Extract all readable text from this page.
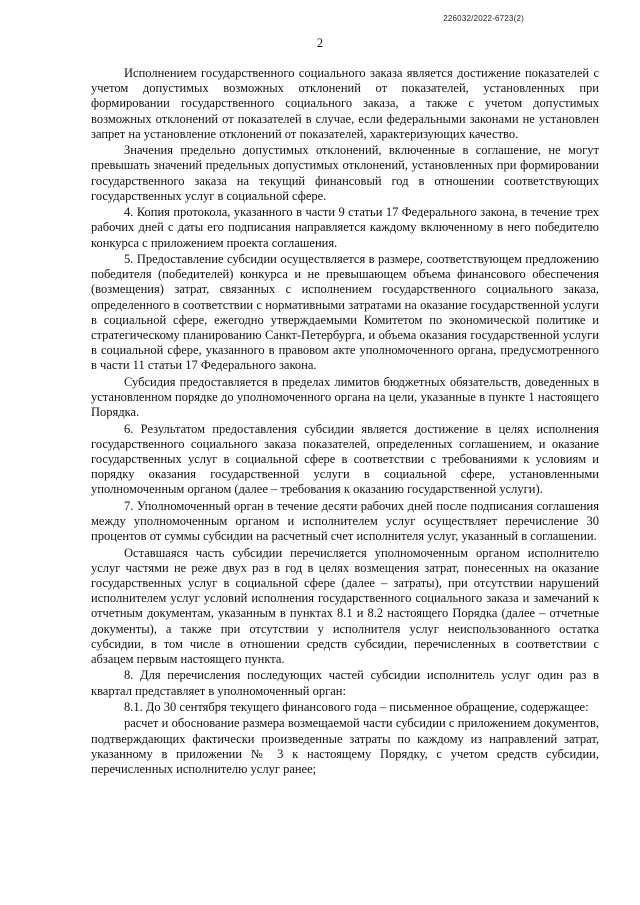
226032/2022-6723(2)
2

Исполнением государственного социального заказа является достижение показателей с учетом допустимых возможных отклонений от показателей, установленных при формировании государственного социального заказа, а также с учетом допустимых возможных отклонений от показателей в случае, если федеральными законами не установлен запрет на установление отклонений от показателей, характеризующих качество.

Значения предельно допустимых отклонений, включенные в соглашение, не могут превышать значений предельных допустимых отклонений, установленных при формировании государственного заказа на текущий финансовый год в отношении соответствующих государственных услуг в социальной сфере.

4. Копия протокола, указанного в части 9 статьи 17 Федерального закона, в течение трех рабочих дней с даты его подписания направляется каждому включенному в него победителю конкурса с приложением проекта соглашения.

5. Предоставление субсидии осуществляется в размере, соответствующем предложению победителя (победителей) конкурса и не превышающем объема финансового обеспечения (возмещения) затрат, связанных с исполнением государственного социального заказа, определенного в соответствии с нормативными затратами на оказание государственной услуги в социальной сфере, ежегодно утверждаемыми Комитетом по экономической политике и стратегическому планированию Санкт-Петербурга, и объема оказания государственной услуги в социальной сфере, указанного в правовом акте уполномоченного органа, предусмотренного в части 11 статьи 17 Федерального закона.

Субсидия предоставляется в пределах лимитов бюджетных обязательств, доведенных в установленном порядке до уполномоченного органа на цели, указанные в пункте 1 настоящего Порядка.

6. Результатом предоставления субсидии является достижение в целях исполнения государственного социального заказа показателей, определенных соглашением, и оказание государственных услуг в социальной сфере в соответствии с требованиями к условиям и порядку оказания государственной услуги в социальной сфере, установленными уполномоченным органом (далее – требования к оказанию государственной услуги).

7. Уполномоченный орган в течение десяти рабочих дней после подписания соглашения между уполномоченным органом и исполнителем услуг осуществляет перечисление 30 процентов от суммы субсидии на расчетный счет исполнителя услуг, указанный в соглашении.

Оставшаяся часть субсидии перечисляется уполномоченным органом исполнителю услуг частями не реже двух раз в год в целях возмещения затрат, понесенных на оказание государственных услуг в социальной сфере (далее – затраты), при отсутствии нарушений исполнителем услуг условий исполнения государственного социального заказа и замечаний к отчетным документам, указанным в пунктах 8.1 и 8.2 настоящего Порядка (далее – отчетные документы), а также при отсутствии у исполнителя услуг неиспользованного остатка субсидии, в том числе в отношении средств субсидии, перечисленных в соответствии с абзацем первым настоящего пункта.

8. Для перечисления последующих частей субсидии исполнитель услуг один раз в квартал представляет в уполномоченный орган:

8.1. До 30 сентября текущего финансового года – письменное обращение, содержащее:

расчет и обоснование размера возмещаемой части субсидии с приложением документов, подтверждающих фактически произведенные затраты по каждому из направлений затрат, указанному в приложении № 3 к настоящему Порядку, с учетом средств субсидии, перечисленных исполнителю услуг ранее;
